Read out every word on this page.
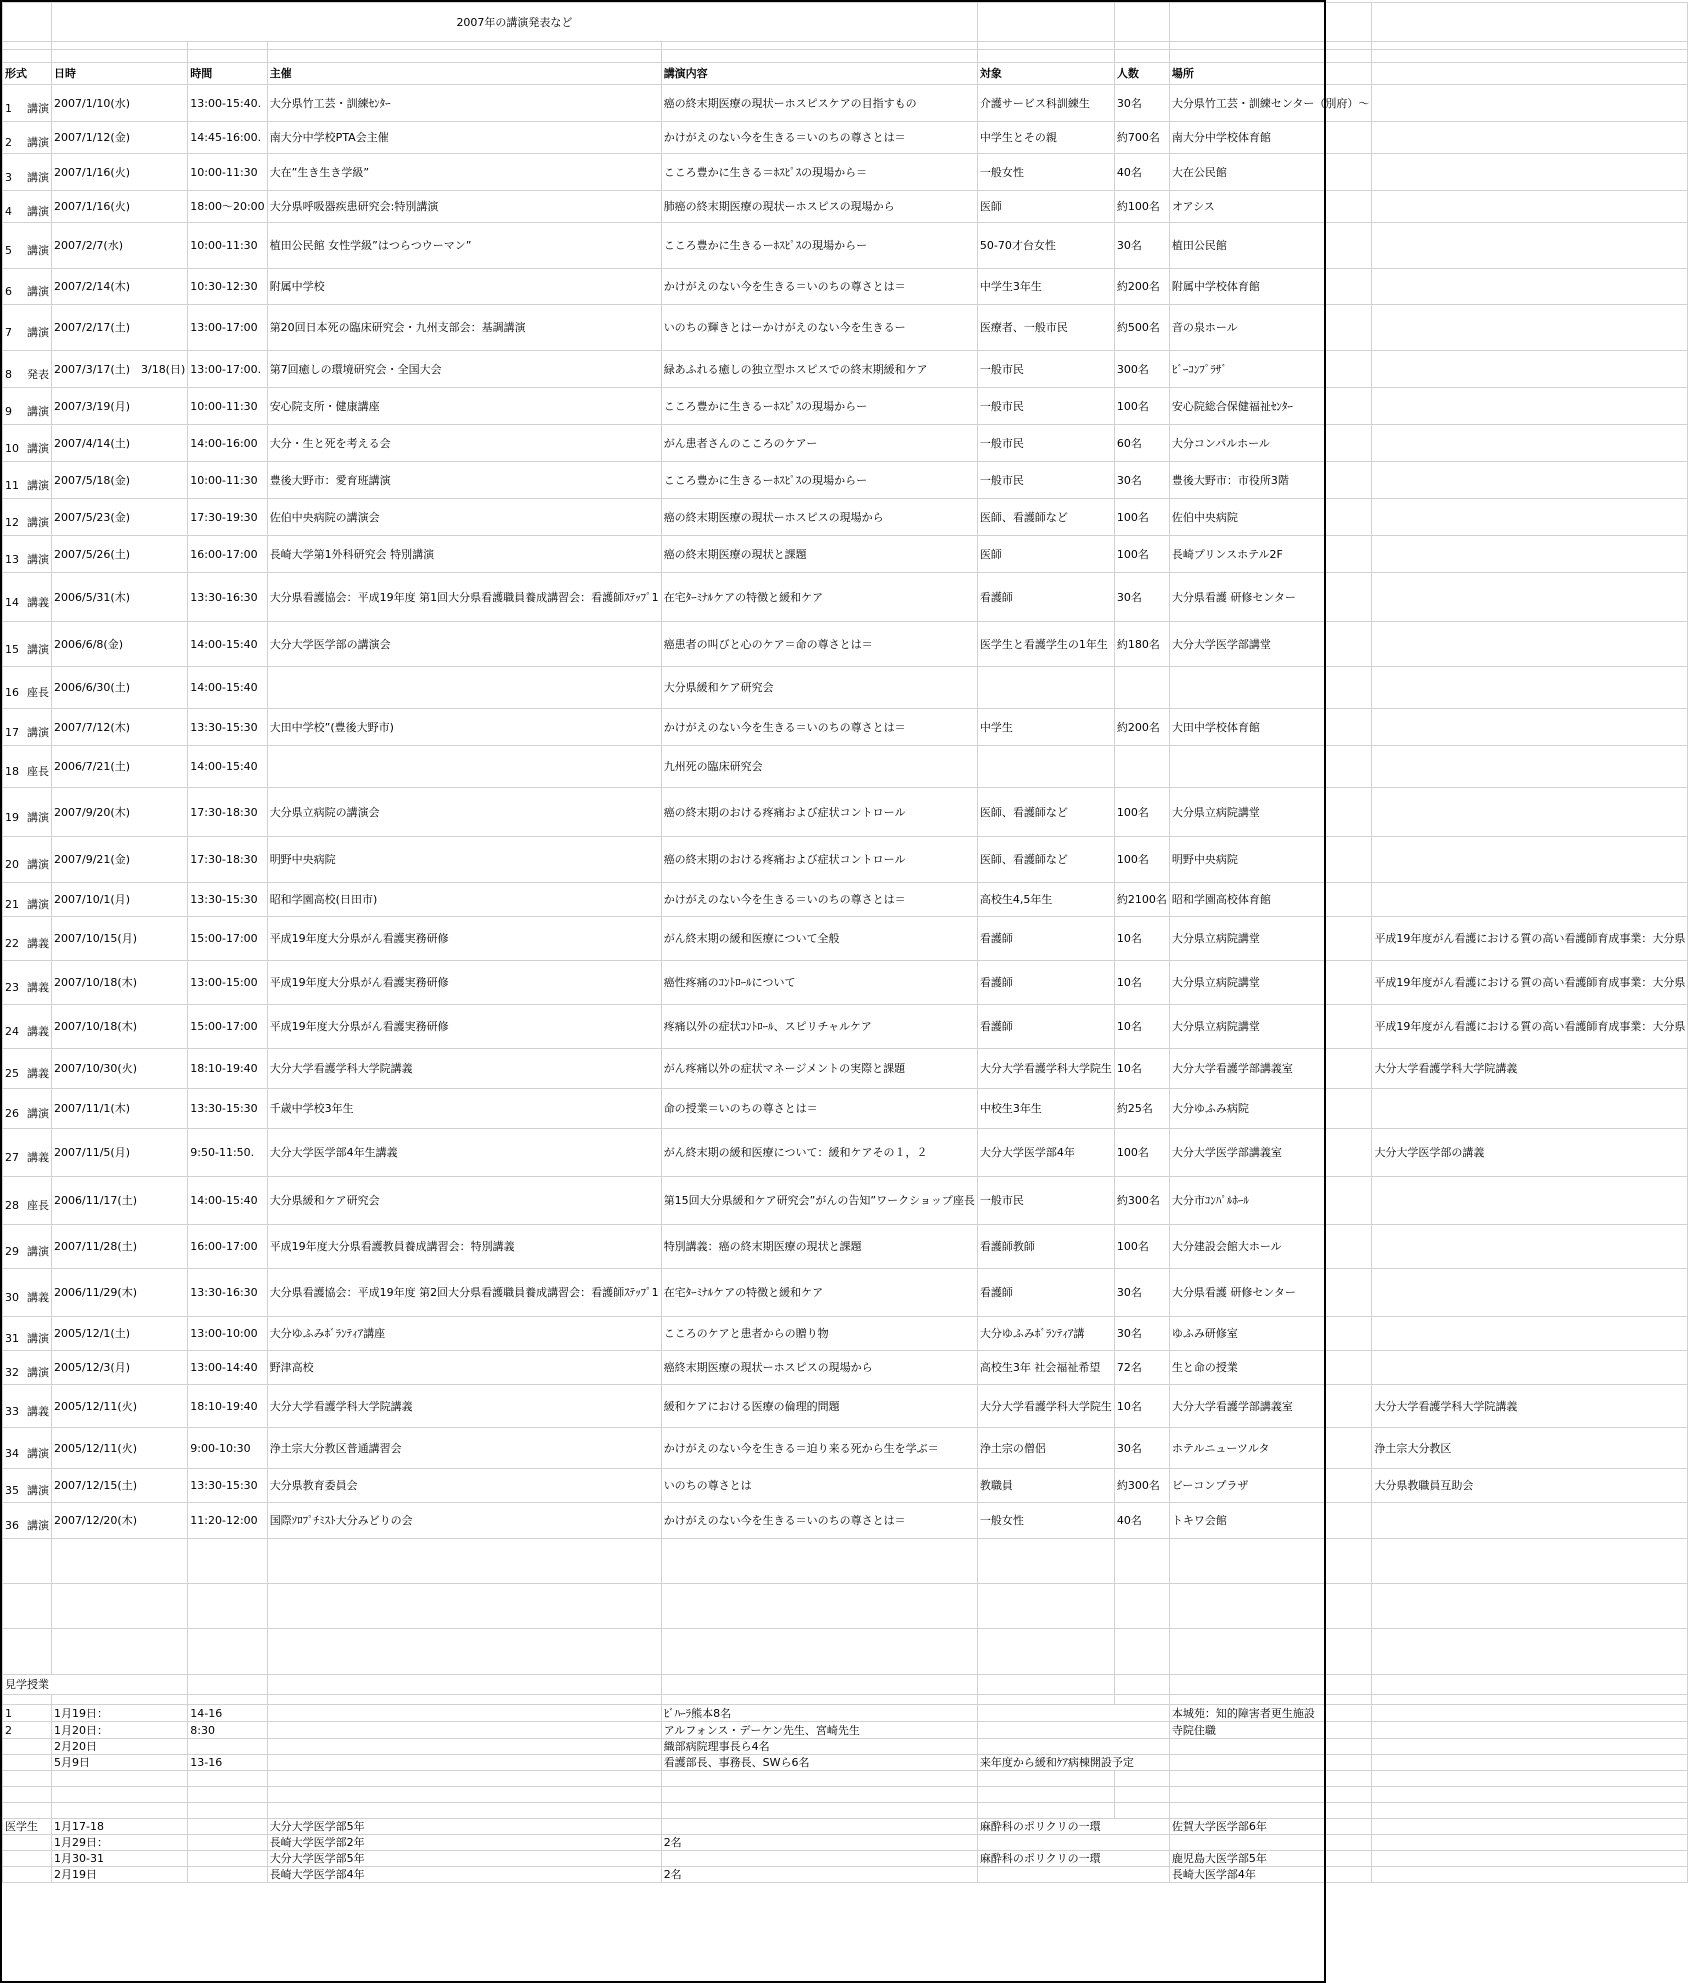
	2007年の講演発表など							

形式	日時	時間	主催	講演内容	対象	人数	場所	

1 講演	2007/1/10(水)	13:00-15:40.	大分県竹工芸・訓練ｾﾝﾀｰ	癌の終末期医療の現状ーホスピスケアの目指すもの	介護サービス科訓練生	30名	大分県竹工芸・訓練センター（別府）～	

2 講演	2007/1/12(金)	14:45-16:00.	南大分中学校PTA会主催	かけがえのない今を生きる＝いのちの尊さとは＝	中学生とその親	約700名	南大分中学校体育館	

3 講演	2007/1/16(火)	10:00-11:30	大在”生き生き学級”	こころ豊かに生きる＝ﾎｽﾋﾟｽの現場から＝	一般女性	40名	大在公民館	

4 講演	2007/1/16(火)	18:00～20:00	大分県呼吸器疾患研究会:特別講演	肺癌の終末期医療の現状ーホスピスの現場から	医師	約100名	オアシス	

5 講演	2007/2/7(水)	10:00-11:30	植田公民館 女性学級”はつらつウーマン”	こころ豊かに生きるーﾎｽﾋﾟｽの現場からー	50-70才台女性	30名	植田公民館	

6 講演	2007/2/14(木)	10:30-12:30	附属中学校	かけがえのない今を生きる＝いのちの尊さとは＝	中学生3年生	約200名	附属中学校体育館	

7 講演	2007/2/17(土)	13:00-17:00	第20回日本死の臨床研究会・九州支部会：基調講演	いのちの輝きとはーかけがえのない今を生きるー	医療者、一般市民	約500名	音の泉ホール	

8 発表	2007/3/17(土)　3/18(日)	13:00-17:00.	第7回癒しの環境研究会・全国大会	緑あふれる癒しの独立型ホスピスでの終末期緩和ケア	一般市民	300名	ﾋﾞｰｺﾝﾌﾟﾗｻﾞ	

9 講演	2007/3/19(月)	10:00-11:30	安心院支所・健康講座	こころ豊かに生きるーﾎｽﾋﾟｽの現場からー	一般市民	100名	安心院総合保健福祉ｾﾝﾀｰ	

10 講演	2007/4/14(土)	14:00-16:00	大分・生と死を考える会	がん患者さんのこころのケアー	一般市民	60名	大分コンパルホール	

11 講演	2007/5/18(金)	10:00-11:30	豊後大野市：愛育班講演	こころ豊かに生きるーﾎｽﾋﾟｽの現場からー	一般市民	30名	豊後大野市：市役所3階	

12 講演	2007/5/23(金)	17:30-19:30	佐伯中央病院の講演会	癌の終末期医療の現状ーホスピスの現場から	医師、看護師など	100名	佐伯中央病院	

13 講演	2007/5/26(土)	16:00-17:00	長崎大学第1外科研究会 特別講演	癌の終末期医療の現状と課題	医師	100名	長崎プリンスホテル2F	

14 講義	2006/5/31(木)	13:30-16:30	大分県看護協会：平成19年度 第1回大分県看護職員養成講習会：看護師ｽﾃｯﾌﾟ1	在宅ﾀｰﾐﾅﾙケアの特徴と緩和ケア	看護師	30名	大分県看護 研修センター	

15 講演	2006/6/8(金)	14:00-15:40	大分大学医学部の講演会	癌患者の叫びと心のケア＝命の尊さとは＝	医学生と看護学生の1年生	約180名	大分大学医学部講堂	

16 座長	2006/6/30(土)	14:00-15:40		大分県緩和ケア研究会				

17 講演	2007/7/12(木)	13:30-15:30	大田中学校”(豊後大野市)	かけがえのない今を生きる＝いのちの尊さとは＝	中学生	約200名	大田中学校体育館	

18 座長	2006/7/21(土)	14:00-15:40		九州死の臨床研究会				

19 講演	2007/9/20(木)	17:30-18:30	大分県立病院の講演会	癌の終末期のおける疼痛および症状コントロール	医師、看護師など	100名	大分県立病院講堂	

20 講演	2007/9/21(金)	17:30-18:30	明野中央病院	癌の終末期のおける疼痛および症状コントロール	医師、看護師など	100名	明野中央病院	

21 講演	2007/10/1(月)	13:30-15:30	昭和学園高校(日田市)	かけがえのない今を生きる＝いのちの尊さとは＝	高校生4,5年生	約2100名	昭和学園高校体育館	

22 講義	2007/10/15(月)	15:00-17:00	平成19年度大分県がん看護実務研修	がん終末期の緩和医療について全般	看護師	10名	大分県立病院講堂	平成19年度がん看護における質の高い看護師育成事業：大分県

23 講義	2007/10/18(木)	13:00-15:00	平成19年度大分県がん看護実務研修	癌性疼痛のｺﾝﾄﾛｰﾙについて	看護師	10名	大分県立病院講堂	平成19年度がん看護における質の高い看護師育成事業：大分県

24 講義	2007/10/18(木)	15:00-17:00	平成19年度大分県がん看護実務研修	疼痛以外の症状ｺﾝﾄﾛｰﾙ、スピリチャルケア	看護師	10名	大分県立病院講堂	平成19年度がん看護における質の高い看護師育成事業：大分県

25 講義	2007/10/30(火)	18:10-19:40	大分大学看護学科大学院講義	がん疼痛以外の症状マネージメントの実際と課題	大分大学看護学科大学院生	10名	大分大学看護学部講義室	大分大学看護学科大学院講義

26 講演	2007/11/1(木)	13:30-15:30	千歳中学校3年生	命の授業＝いのちの尊さとは＝	中校生3年生	約25名	大分ゆふみ病院	

27 講義	2007/11/5(月)	9:50-11:50.	大分大学医学部4年生講義	がん終末期の緩和医療について：緩和ケアその１，２	大分大学医学部4年	100名	大分大学医学部講義室	大分大学医学部の講義

28 座長	2006/11/17(土)	14:00-15:40	大分県緩和ケア研究会	第15回大分県緩和ケア研究会”がんの告知”ワークショップ座長	一般市民	約300名	大分市ｺﾝﾊﾟﾙﾎｰﾙ	

29 講演	2007/11/28(土)	16:00-17:00	平成19年度大分県看護教員養成講習会：特別講義	特別講義：癌の終末期医療の現状と課題	看護師教師	100名	大分建設会館大ホール	

30 講義	2006/11/29(木)	13:30-16:30	大分県看護協会：平成19年度 第2回大分県看護職員養成講習会：看護師ｽﾃｯﾌﾟ1	在宅ﾀｰﾐﾅﾙケアの特徴と緩和ケア	看護師	30名	大分県看護 研修センター	

31 講演	2005/12/1(土)	13:00-10:00	大分ゆふみﾎﾞﾗﾝﾃｨｱ講座	こころのケアと患者からの贈り物	大分ゆふみﾎﾞﾗﾝﾃｨｱ講	30名	ゆふみ研修室	

32 講演	2005/12/3(月)	13:00-14:40	野津高校	癌終末期医療の現状ーホスピスの現場から	高校生3年 社会福祉希望	72名	生と命の授業	

33 講義	2005/12/11(火)	18:10-19:40	大分大学看護学科大学院講義	緩和ケアにおける医療の倫理的問題	大分大学看護学科大学院生	10名	大分大学看護学部講義室	大分大学看護学科大学院講義

34 講演	2005/12/11(火)	9:00-10:30	浄土宗大分教区普通講習会	かけがえのない今を生きる＝迫り来る死から生を学ぶ＝	浄土宗の僧侶	30名	ホテルニューツルタ	浄土宗大分教区

35 講演	2007/12/15(土)	13:30-15:30	大分県教育委員会	いのちの尊さとは	教職員	約300名	ビーコンプラザ	大分県教職員互助会

36 講演	2007/12/20(木)	11:20-12:00	国際ｿﾛﾌﾟﾁﾐｽﾄ大分みどりの会	かけがえのない今を生きる＝いのちの尊さとは＝	一般女性	40名	トキワ会館	

見学授業								

1	1月19日：	14-16		ﾋﾞﾊｰﾗ熊本8名			本城苑：知的障害者更生施設	
2	1月20日：	8:30		アルフォンス・デーケン先生、宮崎先生			寺院住職	
	2月20日			織部病院理事長ら4名				
	5月9日	13-16		看護部長、事務長、SWら6名	来年度から緩和ｹｱ病棟開設予定			

医学生	1月17-18		大分大学医学部5年		麻酔科のポリクリの一環		佐賀大学医学部6年	
	1月29日：		長崎大学医学部2年	2名				
	1月30-31		大分大学医学部5年		麻酔科のポリクリの一環		鹿児島大医学部5年	
	2月19日		長崎大学医学部4年	2名			長崎大医学部4年	
